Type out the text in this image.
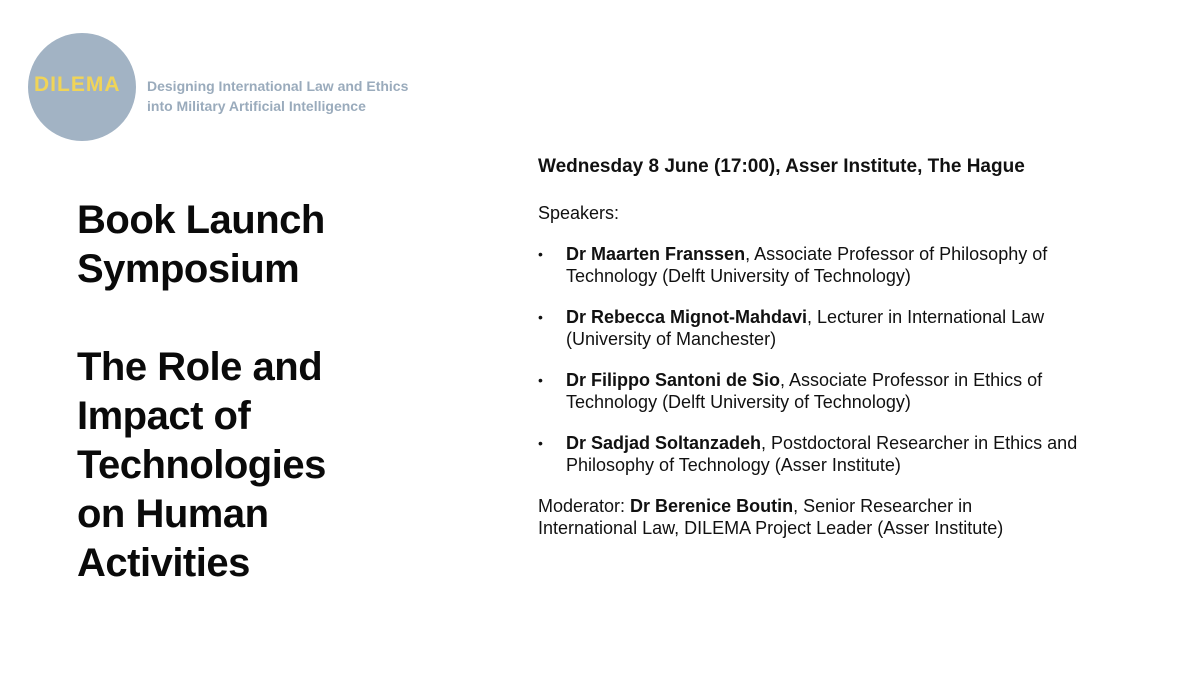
DILEMA Designing International Law and Ethics
into Military Artificial Intelligence
Book Launch
Symposium
The Role and
Impact of
Technologies
on Human
Activities

Wednesday 8 June (17:00), Asser Institute, The Hague

Speakers:

• Dr Maarten Franssen, Associate Professor of Philosophy of
Technology (Delft University of Technology)
• Dr Rebecca Mignot-Mahdavi, Lecturer in International Law
(University of Manchester)
• Dr Filippo Santoni de Sio, Associate Professor in Ethics of
Technology (Delft University of Technology)
• Dr Sadjad Soltanzadeh, Postdoctoral Researcher in Ethics and
Philosophy of Technology (Asser Institute)

Moderator: Dr Berenice Boutin, Senior Researcher in
International Law, DILEMA Project Leader (Asser Institute)
